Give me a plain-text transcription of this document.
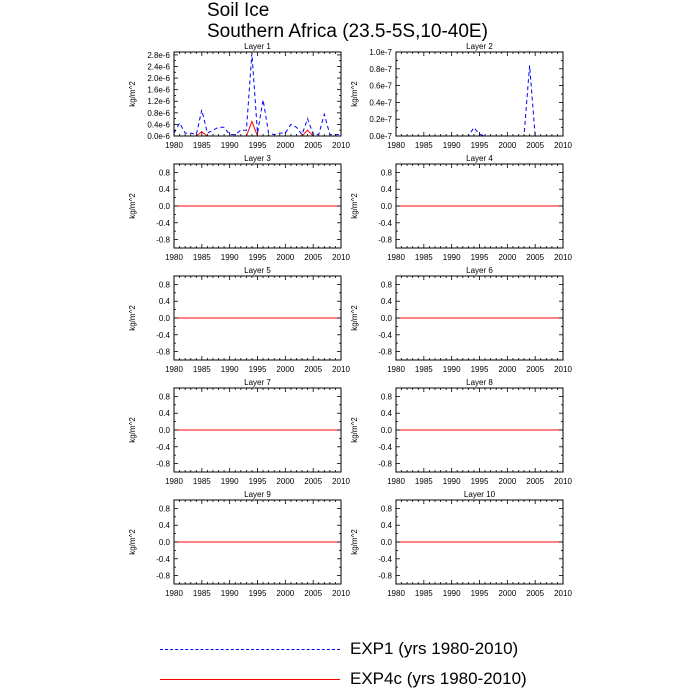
Soil Ice
Southern Africa (23.5-5S,10-40E)
Layer 1
kg/m^2
1980 1985 1990 1995 2000 2005 2010
0.0e-6
0.4e-6
0.8e-6
1.2e-6
1.6e-6
2.0e-6
2.4e-6
2.8e-6
Layer 2
kg/m^2
1980 1985 1990 1995 2000 2005 2010
0.0e-7
0.2e-7
0.4e-7
0.6e-7
0.8e-7
1.0e-7
Layer 3
kg/m^2
1980 1985 1990 1995 2000 2005 2010
-0.8
-0.4
0.0
0.4
0.8
Layer 4
kg/m^2
1980 1985 1990 1995 2000 2005 2010
-0.8
-0.4
0.0
0.4
0.8
Layer 5
kg/m^2
1980 1985 1990 1995 2000 2005 2010
-0.8
-0.4
0.0
0.4
0.8
Layer 6
kg/m^2
1980 1985 1990 1995 2000 2005 2010
-0.8
-0.4
0.0
0.4
0.8
Layer 7
kg/m^2
1980 1985 1990 1995 2000 2005 2010
-0.8
-0.4
0.0
0.4
0.8
Layer 8
kg/m^2
1980 1985 1990 1995 2000 2005 2010
-0.8
-0.4
0.0
0.4
0.8
Layer 9
kg/m^2
1980 1985 1990 1995 2000 2005 2010
-0.8
-0.4
0.0
0.4
0.8
Layer 10
kg/m^2
1980 1985 1990 1995 2000 2005 2010
-0.8
-0.4
0.0
0.4
0.8
EXP1 (yrs 1980-2010)
EXP4c (yrs 1980-2010)
